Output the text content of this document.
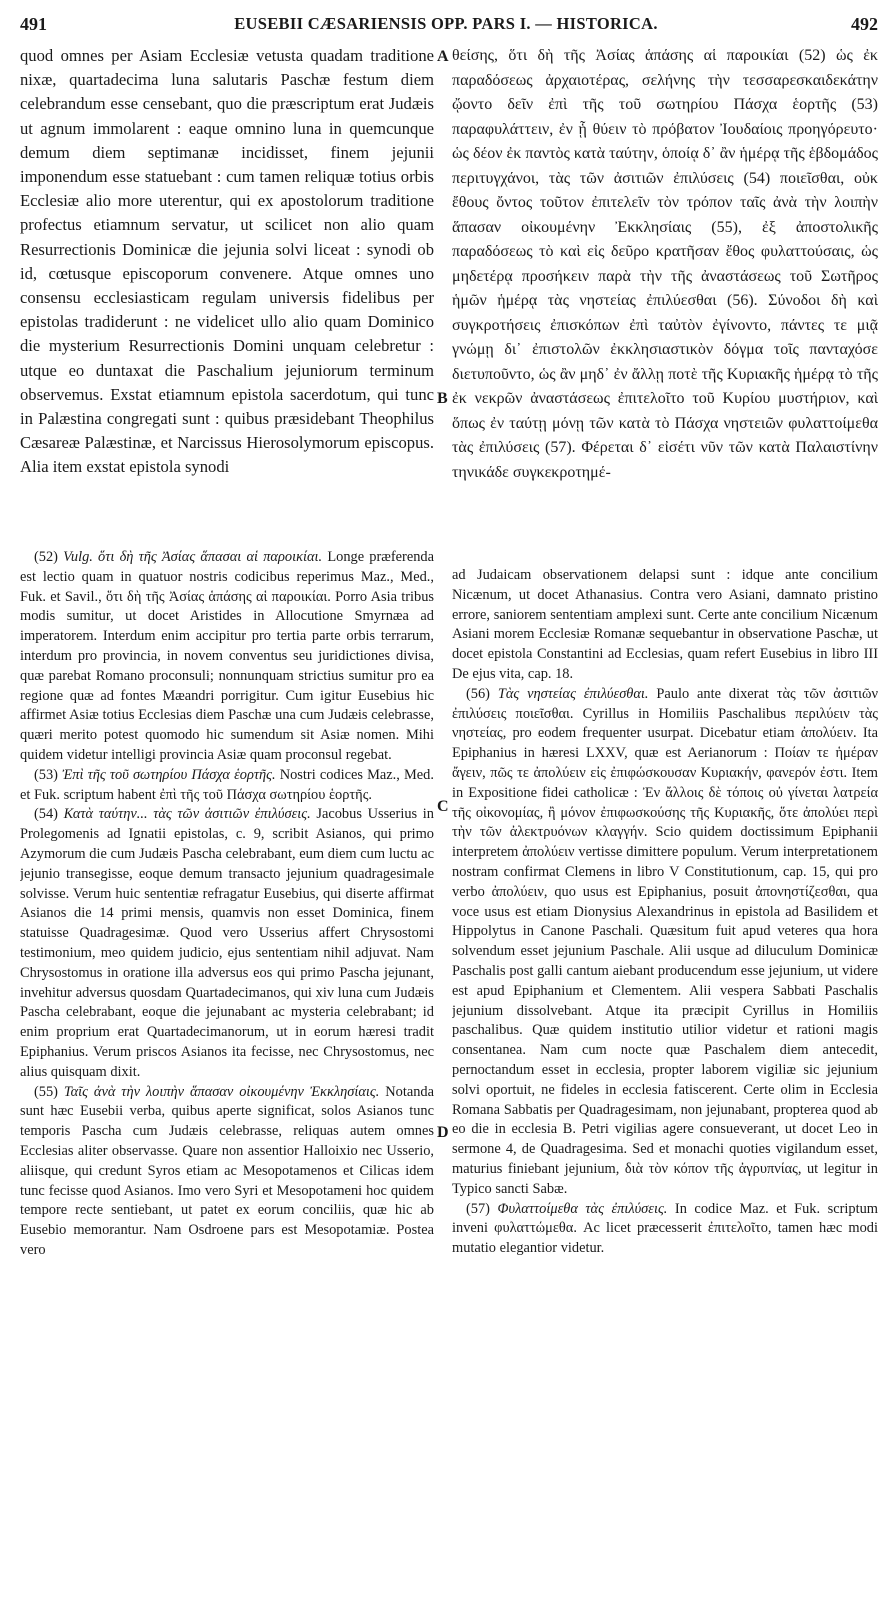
491	EUSEBII CÆSARIENSIS OPP. PARS I. — HISTORICA.	492

quod omnes per Asiam Ecclesiæ vetusta quadam traditione nixæ, quartadecima luna salutaris Paschæ festum diem celebrandum esse censebant, quo die præscriptum erat Judæis ut agnum immolarent : eaque omnino luna in quemcunque demum diem septimanæ incidisset, finem jejunii imponendum esse statuebant : cum tamen reliquæ totius orbis Ecclesiæ alio more uterentur, qui ex apostolorum traditione profectus etiamnum servatur, ut scilicet non alio quam Resurrectionis Dominicæ die jejunia solvi liceat : synodi ob id, cœtusque episcoporum convenere. Atque omnes uno consensu ecclesiasticam regulam universis fidelibus per epistolas tradiderunt : ne videlicet ullo alio quam Dominico die mysterium Resurrectionis Domini unquam celebretur : utque eo duntaxat die Paschalium jejuniorum terminum observemus. Exstat etiamnum epistola sacerdotum, qui tunc in Palæstina congregati sunt : quibus præsidebant Theophilus Cæsareæ Palæstinæ, et Narcissus Hierosolymorum episcopus. Alia item exstat epistola synodi

(52) Vulg. ὅτι δὴ τῆς Ἀσίας ἅπασαι αἱ παροικίαι. Longe præferenda est lectio quam in quatuor nostris codicibus reperimus Maz., Med., Fuk. et Savil., ὅτι δὴ τῆς Ἀσίας ἁπάσης αἱ παροικίαι. Porro Asia tribus modis sumitur, ut docet Aristides in Allocutione Smyrnæa ad imperatorem. Interdum enim accipitur pro tertia parte orbis terrarum, interdum pro provincia, in novem conventus seu juridictiones divisa, quæ parebat Romano proconsuli; nonnunquam strictius sumitur pro ea regione quæ ad fontes Mæandri porrigitur. Cum igitur Eusebius hic affirmet Asiæ totius Ecclesias diem Paschæ una cum Judæis celebrasse, quæri merito potest quomodo hic sumendum sit Asiæ nomen. Mihi quidem videtur intelligi provincia Asiæ quam proconsul regebat.

(53) Ἐπὶ τῆς τοῦ σωτηρίου Πάσχα ἑορτῆς. Nostri codices Maz., Med. et Fuk. scriptum habent ἐπὶ τῆς τοῦ Πάσχα σωτηρίου ἑορτῆς.

(54) Κατὰ ταύτην... τὰς τῶν ἀσιτιῶν ἐπιλύσεις. Jacobus Usserius in Prolegomenis ad Ignatii epistolas, c. 9, scribit Asianos, qui primo Azymorum die cum Judæis Pascha celebrabant, eum diem cum luctu ac jejunio transegisse, eoque demum transacto jejunium quadragesimale solvisse. Verum huic sententiæ refragatur Eusebius, qui diserte affirmat Asianos die 14 primi mensis, quamvis non esset Dominica, finem statuisse Quadragesimæ. Quod vero Usserius affert Chrysostomi testimonium, meo quidem judicio, ejus sententiam nihil adjuvat. Nam Chrysostomus in oratione illa adversus eos qui primo Pascha jejunant, invehitur adversus quosdam Quartadecimanos, qui xiv luna cum Judæis Pascha celebrabant, eoque die jejunabant ac mysteria celebrabant; id enim proprium erat Quartadecimanorum, ut in eorum hæresi tradit Epiphanius. Verum priscos Asianos ita fecisse, nec Chrysostomus, nec alius quisquam dixit.

(55) Ταῖς ἀνὰ τὴν λοιπὴν ἅπασαν οἰκουμένην Ἐκκλησίαις. Notanda sunt hæc Eusebii verba, quibus aperte significat, solos Asianos tunc temporis Pascha cum Judæis celebrasse, reliquas autem omnes Ecclesias aliter observasse. Quare non assentior Halloixio nec Usserio, aliisque, qui credunt Syros etiam ac Mesopotamenos et Cilicas idem tunc fecisse quod Asianos. Imo vero Syri et Mesopotameni hoc quidem tempore recte sentiebant, ut patet ex eorum conciliis, quæ hic ab Eusebio memorantur. Nam Osdroene pars est Mesopotamiæ. Postea vero

A
B
C
D

θείσης, ὅτι δὴ τῆς Ἀσίας ἁπάσης αἱ παροικίαι (52) ὡς ἐκ παραδόσεως ἀρχαιοτέρας, σελήνης τὴν τεσσαρεσκαιδεκάτην ᾤοντο δεῖν ἐπὶ τῆς τοῦ σωτηρίου Πάσχα ἑορτῆς (53) παραφυλάττειν, ἐν ᾗ θύειν τὸ πρόβατον Ἰουδαίοις προηγόρευτο· ὡς δέον ἐκ παντὸς κατὰ ταύτην, ὁποίᾳ δ᾽ ἂν ἡμέρᾳ τῆς ἑβδομάδος περιτυγχάνοι, τὰς τῶν ἀσιτιῶν ἐπιλύσεις (54) ποιεῖσθαι, οὐκ ἔθους ὄντος τοῦτον ἐπιτελεῖν τὸν τρόπον ταῖς ἀνὰ τὴν λοιπὴν ἅπασαν οἰκουμένην Ἐκκλησίαις (55), ἐξ ἀποστολικῆς παραδόσεως τὸ καὶ εἰς δεῦρο κρατῆσαν ἔθος φυλαττούσαις, ὡς μηδετέρᾳ προσήκειν παρὰ τὴν τῆς ἀναστάσεως τοῦ Σωτῆρος ἡμῶν ἡμέρᾳ τὰς νηστείας ἐπιλύεσθαι (56). Σύνοδοι δὴ καὶ συγκροτήσεις ἐπισκόπων ἐπὶ ταὐτὸν ἐγίνοντο, πάντες τε μιᾷ γνώμῃ δι᾽ ἐπιστολῶν ἐκκλησιαστικὸν δόγμα τοῖς πανταχόσε διετυποῦντο, ὡς ἂν μηδ᾽ ἐν ἄλλῃ ποτὲ τῆς Κυριακῆς ἡμέρᾳ τὸ τῆς ἐκ νεκρῶν ἀναστάσεως ἐπιτελοῖτο τοῦ Κυρίου μυστήριον, καὶ ὅπως ἐν ταύτῃ μόνῃ τῶν κατὰ τὸ Πάσχα νηστειῶν φυλαττοίμεθα τὰς ἐπιλύσεις (57). Φέρεται δ᾽ εἰσέτι νῦν τῶν κατὰ Παλαιστίνην τηνικάδε συγκεκροτημέ-

ad Judaicam observationem delapsi sunt : idque ante concilium Nicænum, ut docet Athanasius. Contra vero Asiani, damnato pristino errore, saniorem sententiam amplexi sunt. Certe ante concilium Nicænum Asiani morem Ecclesiæ Romanæ sequebantur in observatione Paschæ, ut docet epistola Constantini ad Ecclesias, quam refert Eusebius in libro III De ejus vita, cap. 18.

(56) Τὰς νηστείας ἐπιλύεσθαι. Paulo ante dixerat τὰς τῶν ἀσιτιῶν ἐπιλύσεις ποιεῖσθαι. Cyrillus in Homiliis Paschalibus περιλύειν τὰς νηστείας, pro eodem frequenter usurpat. Dicebatur etiam ἀπολύειν. Ita Epiphanius in hæresi LXXV, quæ est Aerianorum : Ποίαν τε ἡμέραν ἄγειν, πῶς τε ἀπολύειν εἰς ἐπιφώσκουσαν Κυριακήν, φανερόν ἐστι. Item in Expositione fidei catholicæ : Ἐν ἄλλοις δὲ τόποις οὐ γίνεται λατρεία τῆς οἰκονομίας, ἢ μόνον ἐπιφωσκούσης τῆς Κυριακῆς, ὅτε ἀπολύει περὶ τὴν τῶν ἀλεκτρυόνων κλαγγήν. Scio quidem doctissimum Epiphanii interpretem ἀπολύειν vertisse dimittere populum. Verum interpretationem nostram confirmat Clemens in libro V Constitutionum, cap. 15, qui pro verbo ἀπολύειν, quo usus est Epiphanius, posuit ἀπονηστίζεσθαι, qua voce usus est etiam Dionysius Alexandrinus in epistola ad Basilidem et Hippolytus in Canone Paschali. Quæsitum fuit apud veteres qua hora solvendum esset jejunium Paschale. Alii usque ad diluculum Dominicæ Paschalis post galli cantum aiebant producendum esse jejunium, ut videre est apud Epiphanium et Clementem. Alii vespera Sabbati Paschalis jejunium dissolvebant. Atque ita præcipit Cyrillus in Homiliis paschalibus. Quæ quidem institutio utilior videtur et rationi magis consentanea. Nam cum nocte quæ Paschalem diem antecedit, pernoctandum esset in ecclesia, propter laborem vigiliæ sic jejunium solvi oportuit, ne fideles in ecclesia fatiscerent. Certe olim in Ecclesia Romana Sabbatis per Quadragesimam, non jejunabant, propterea quod ab eo die in ecclesia B. Petri vigilias agere consueverant, ut docet Leo in sermone 4, de Quadragesima. Sed et monachi quoties vigilandum esset, maturius finiebant jejunium, διὰ τὸν κόπον τῆς ἀγρυπνίας, ut legitur in Typico sancti Sabæ.

(57) Φυλαττοίμεθα τὰς ἐπιλύσεις. In codice Maz. et Fuk. scriptum inveni φυλαττώμεθα. Ac licet præcesserit ἐπιτελοῖτο, tamen hæc modi mutatio elegantior videtur.
